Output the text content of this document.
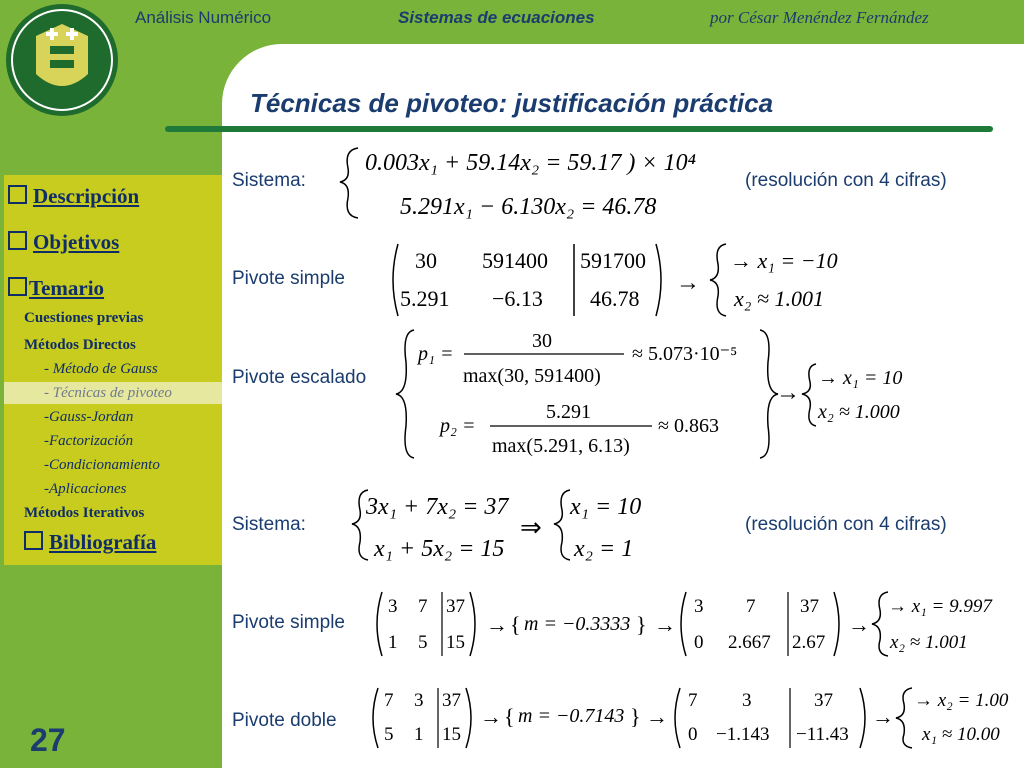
Análisis Numérico	Sistemas de ecuaciones	por César Menéndez Fernández
Técnicas de pivoteo: justificación práctica
Descripción
Objetivos
Temario
Cuestiones previas
Métodos Directos
- Método de Gauss
- Técnicas de pivoteo
-Gauss-Jordan
-Factorización
-Condicionamiento
-Aplicaciones
Métodos Iterativos
Bibliografía
27
Sistema:	(resolución con 4 cifras)
Pivote simple
Pivote escalado
Sistema:	(resolución con 4 cifras)
Pivote simple
Pivote doble
0.003x₁ + 59.14x₂ = 59.17 ) × 10⁴
5.291x₁ − 6.130x₂ = 46.78
30 591400 591700
5.291 −6.13 46.78
→
→ x₁ = −10
x₂ ≈ 1.001
p₁ =
30
max(30, 591400)
≈ 5.073·10⁻⁵
p₂ =
5.291
max(5.291, 6.13)
≈ 0.863
→
→ x₁ = 10
x₂ ≈ 1.000
3x₁ + 7x₂ = 37
x₁ + 5x₂ = 15
⇒
x₁ = 10
x₂ = 1
3 7 37
1 5 15
→ { m = −0.3333 } →
3 7 37
0 2.667 2.67
→
→ x₁ = 9.997
x₂ ≈ 1.001
7 3 37
5 1 15
→ { m = −0.7143 } →
7 3	37
0 −1.143 −11.43
→
→ x₂ = 1.00
x₁ ≈ 10.00
